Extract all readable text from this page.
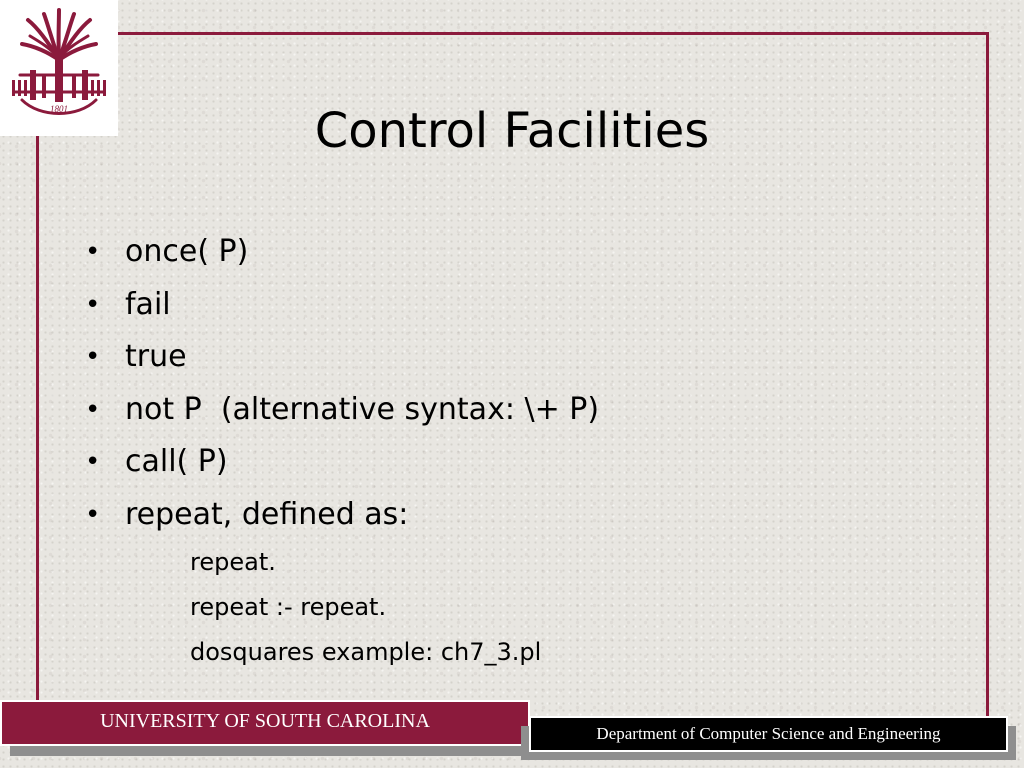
1801	Control Facilities
• once( P)
• fail
• true
• not P  (alternative syntax: \+ P)
• call( P)
• repeat, defined as:
repeat.
repeat :- repeat.
dosquares example: ch7_3.pl
UNIVERSITY OF SOUTH CAROLINA
Department of Computer Science and Engineering
